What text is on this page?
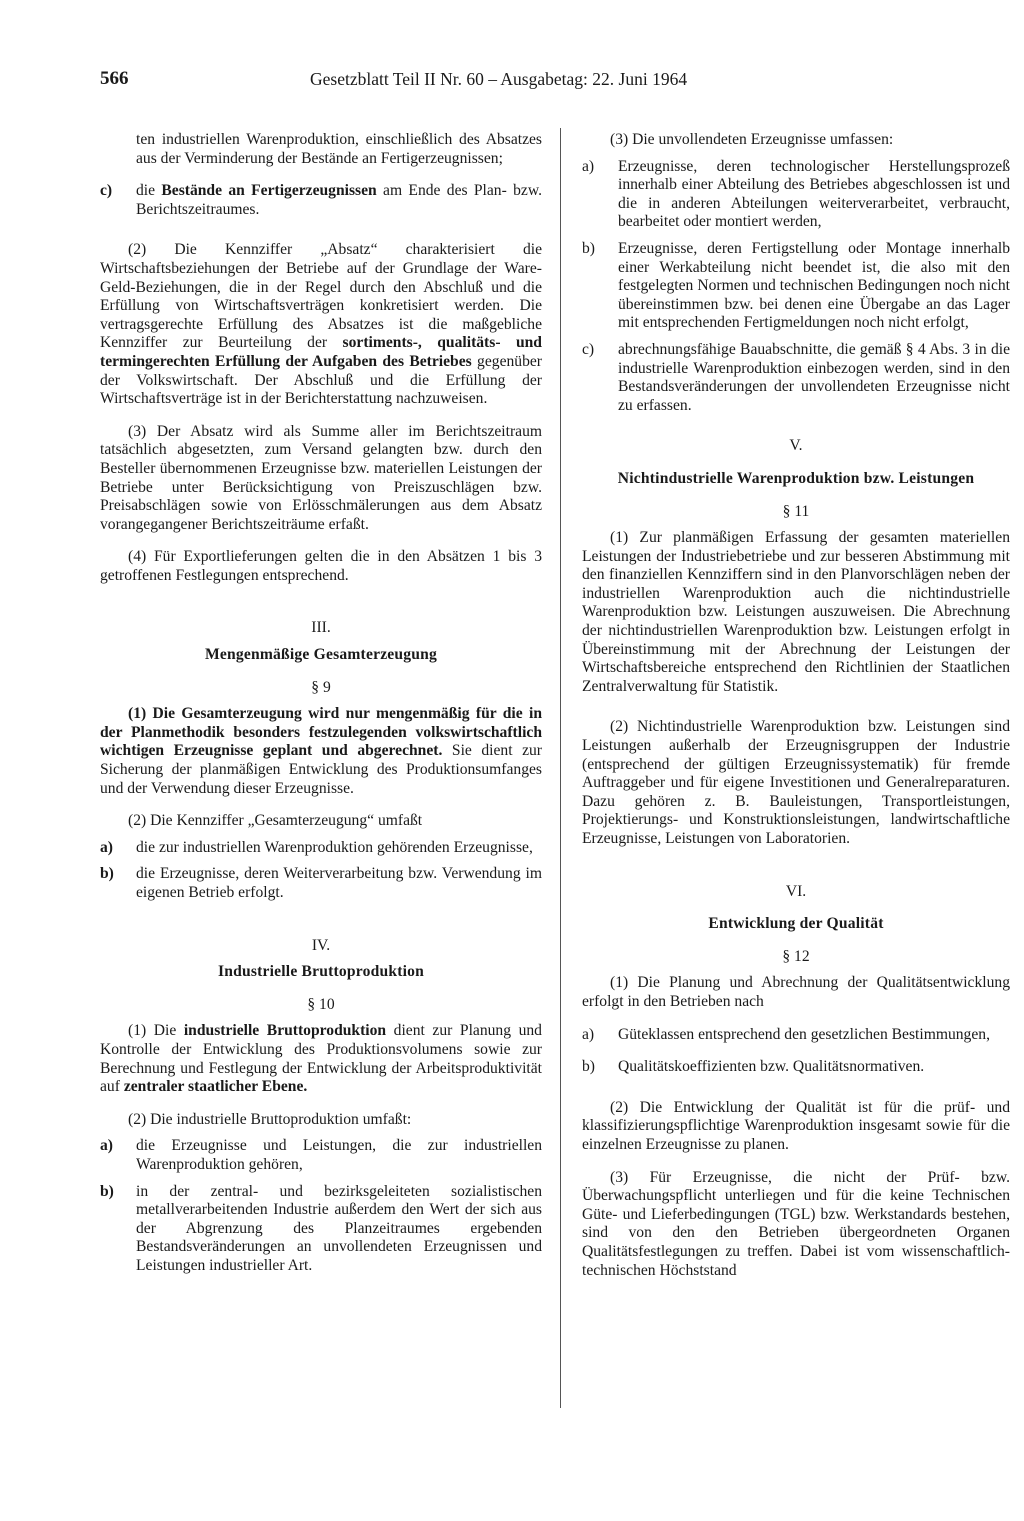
566	Gesetzblatt Teil II Nr. 60 – Ausgabetag: 22. Juni 1964

ten industriellen Warenproduktion, einschließlich des Absatzes aus der Verminderung der Bestände an Fertigerzeugnissen;

c) die Bestände an Fertigerzeugnissen am Ende des Plan- bzw. Berichtszeitraumes.

(2) Die Kennziffer „Absatz“ charakterisiert die Wirtschaftsbeziehungen der Betriebe auf der Grundlage der Ware-Geld-Beziehungen, die in der Regel durch den Abschluß und die Erfüllung von Wirtschaftsverträgen konkretisiert werden. Die vertragsgerechte Erfüllung des Absatzes ist die maßgebliche Kennziffer zur Beurteilung der sortiments-, qualitäts- und termingerechten Erfüllung der Aufgaben des Betriebes gegenüber der Volkswirtschaft. Der Abschluß und die Erfüllung der Wirtschaftsverträge ist in der Berichterstattung nachzuweisen.

(3) Der Absatz wird als Summe aller im Berichtszeitraum tatsächlich abgesetzten, zum Versand gelangten bzw. durch den Besteller übernommenen Erzeugnisse bzw. materiellen Leistungen der Betriebe unter Berücksichtigung von Preiszuschlägen bzw. Preisabschlägen sowie von Erlösschmälerungen aus dem Absatz vorangegangener Berichtszeiträume erfaßt.

(4) Für Exportlieferungen gelten die in den Absätzen 1 bis 3 getroffenen Festlegungen entsprechend.

III.

Mengenmäßige Gesamterzeugung

§ 9

(1) Die Gesamterzeugung wird nur mengenmäßig für die in der Planmethodik besonders festzulegenden volkswirtschaftlich wichtigen Erzeugnisse geplant und abgerechnet. Sie dient zur Sicherung der planmäßigen Entwicklung des Produktionsumfanges und der Verwendung dieser Erzeugnisse.

(2) Die Kennziffer „Gesamterzeugung“ umfaßt

a) die zur industriellen Warenproduktion gehörenden Erzeugnisse,

b) die Erzeugnisse, deren Weiterverarbeitung bzw. Verwendung im eigenen Betrieb erfolgt.

IV.

Industrielle Bruttoproduktion

§ 10

(1) Die industrielle Bruttoproduktion dient zur Planung und Kontrolle der Entwicklung des Produktionsvolumens sowie zur Berechnung und Festlegung der Entwicklung der Arbeitsproduktivität auf zentraler staatlicher Ebene.

(2) Die industrielle Bruttoproduktion umfaßt:

a) die Erzeugnisse und Leistungen, die zur industriellen Warenproduktion gehören,

b) in der zentral- und bezirksgeleiteten sozialistischen metallverarbeitenden Industrie außerdem den Wert der sich aus der Abgrenzung des Planzeitraumes ergebenden Bestandsveränderungen an unvollendeten Erzeugnissen und Leistungen industrieller Art.

(3) Die unvollendeten Erzeugnisse umfassen:

a) Erzeugnisse, deren technologischer Herstellungsprozeß innerhalb einer Abteilung des Betriebes abgeschlossen ist und die in anderen Abteilungen weiterverarbeitet, verbraucht, bearbeitet oder montiert werden,

b) Erzeugnisse, deren Fertigstellung oder Montage innerhalb einer Werkabteilung nicht beendet ist, die also mit den festgelegten Normen und technischen Bedingungen noch nicht übereinstimmen bzw. bei denen eine Übergabe an das Lager mit entsprechenden Fertigmeldungen noch nicht erfolgt,

c) abrechnungsfähige Bauabschnitte, die gemäß § 4 Abs. 3 in die industrielle Warenproduktion einbezogen werden, sind in den Bestandsveränderungen der unvollendeten Erzeugnisse nicht zu erfassen.

V.

Nichtindustrielle Warenproduktion bzw. Leistungen

§ 11

(1) Zur planmäßigen Erfassung der gesamten materiellen Leistungen der Industriebetriebe und zur besseren Abstimmung mit den finanziellen Kennziffern sind in den Planvorschlägen neben der industriellen Warenproduktion auch die nichtindustrielle Warenproduktion bzw. Leistungen auszuweisen. Die Abrechnung der nichtindustriellen Warenproduktion bzw. Leistungen erfolgt in Übereinstimmung mit der Abrechnung der Leistungen der Wirtschaftsbereiche entsprechend den Richtlinien der Staatlichen Zentralverwaltung für Statistik.

(2) Nichtindustrielle Warenproduktion bzw. Leistungen sind Leistungen außerhalb der Erzeugnisgruppen der Industrie (entsprechend der gültigen Erzeugnissystematik) für fremde Auftraggeber und für eigene Investitionen und Generalreparaturen. Dazu gehören z. B. Bauleistungen, Transportleistungen, Projektierungs- und Konstruktionsleistungen, landwirtschaftliche Erzeugnisse, Leistungen von Laboratorien.

VI.

Entwicklung der Qualität

§ 12

(1) Die Planung und Abrechnung der Qualitätsentwicklung erfolgt in den Betrieben nach

a) Güteklassen entsprechend den gesetzlichen Bestimmungen,

b) Qualitätskoeffizienten bzw. Qualitätsnormativen.

(2) Die Entwicklung der Qualität ist für die prüf- und klassifizierungspflichtige Warenproduktion insgesamt sowie für die einzelnen Erzeugnisse zu planen.

(3) Für Erzeugnisse, die nicht der Prüf- bzw. Überwachungspflicht unterliegen und für die keine Technischen Güte- und Lieferbedingungen (TGL) bzw. Werkstandards bestehen, sind von den den Betrieben übergeordneten Organen Qualitätsfestlegungen zu treffen. Dabei ist vom wissenschaftlich-technischen Höchststand
